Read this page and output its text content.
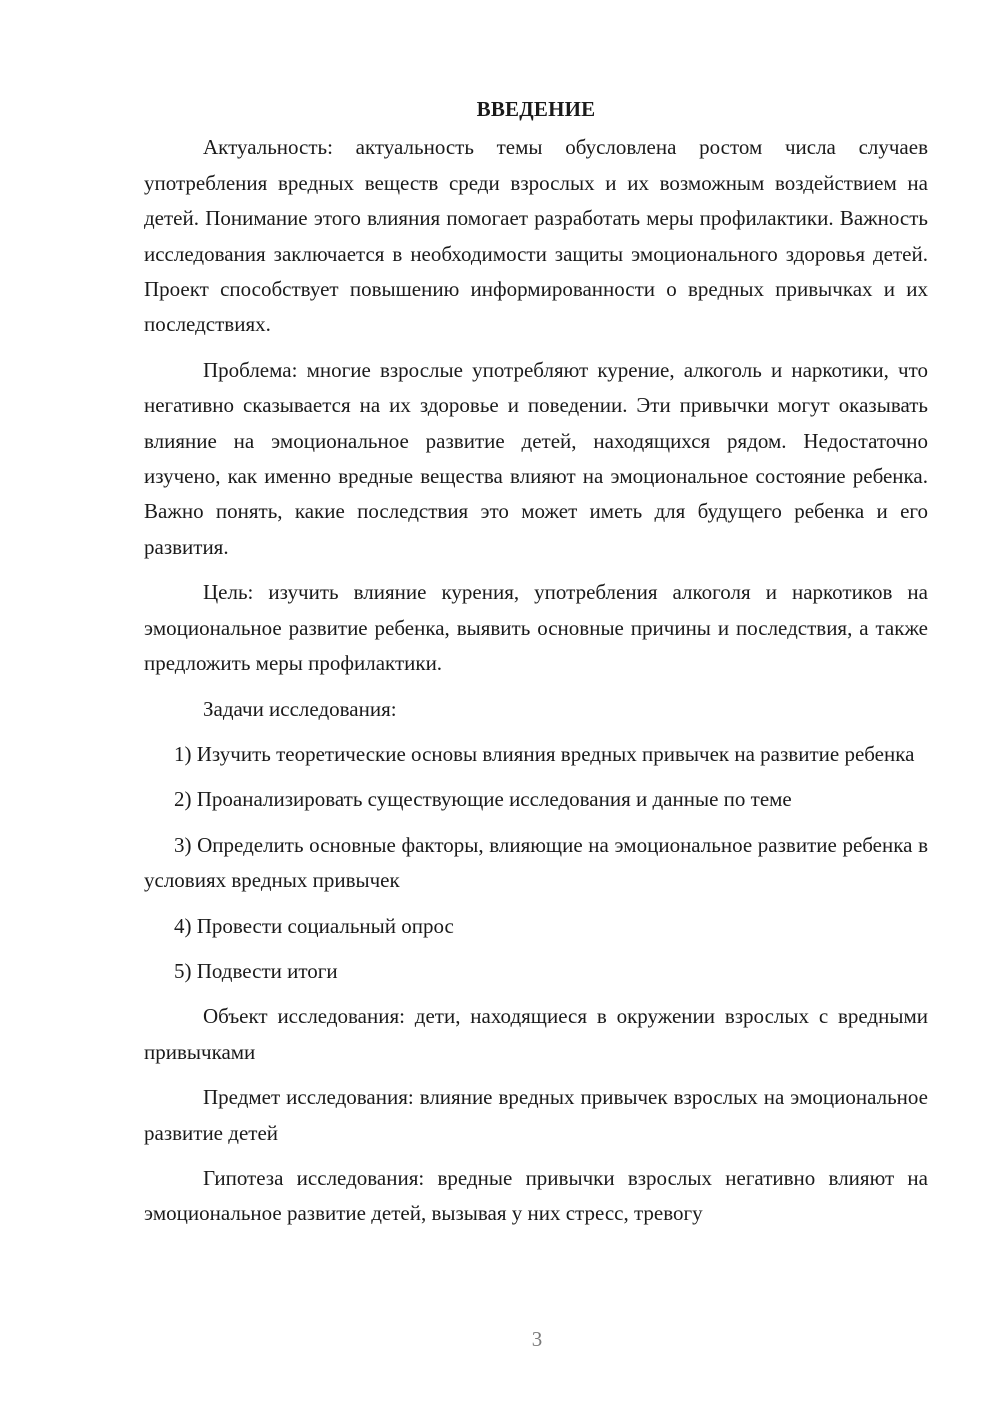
ВВЕДЕНИЕ

Актуальность: актуальность темы обусловлена ростом числа случаев употребления вредных веществ среди взрослых и их возможным воздействием на детей. Понимание этого влияния помогает разработать меры профилактики. Важность исследования заключается в необходимости защиты эмоционального здоровья детей. Проект способствует повышению информированности о вредных привычках и их последствиях.

Проблема: многие взрослые употребляют курение, алкоголь и наркотики, что негативно сказывается на их здоровье и поведении. Эти привычки могут оказывать влияние на эмоциональное развитие детей, находящихся рядом. Недостаточно изучено, как именно вредные вещества влияют на эмоциональное состояние ребенка. Важно понять, какие последствия это может иметь для будущего ребенка и его развития.

Цель: изучить влияние курения, употребления алкоголя и наркотиков на эмоциональное развитие ребенка, выявить основные причины и последствия, а также предложить меры профилактики.

Задачи исследования:

1) Изучить теоретические основы влияния вредных привычек на развитие ребенка

2) Проанализировать существующие исследования и данные по теме

3) Определить основные факторы, влияющие на эмоциональное развитие ребенка в условиях вредных привычек

4) Провести социальный опрос

5) Подвести итоги

Объект исследования: дети, находящиеся в окружении взрослых с вредными привычками

Предмет исследования: влияние вредных привычек взрослых на эмоциональное развитие детей

Гипотеза исследования: вредные привычки взрослых негативно влияют на эмоциональное развитие детей, вызывая у них стресс, тревогу

3
